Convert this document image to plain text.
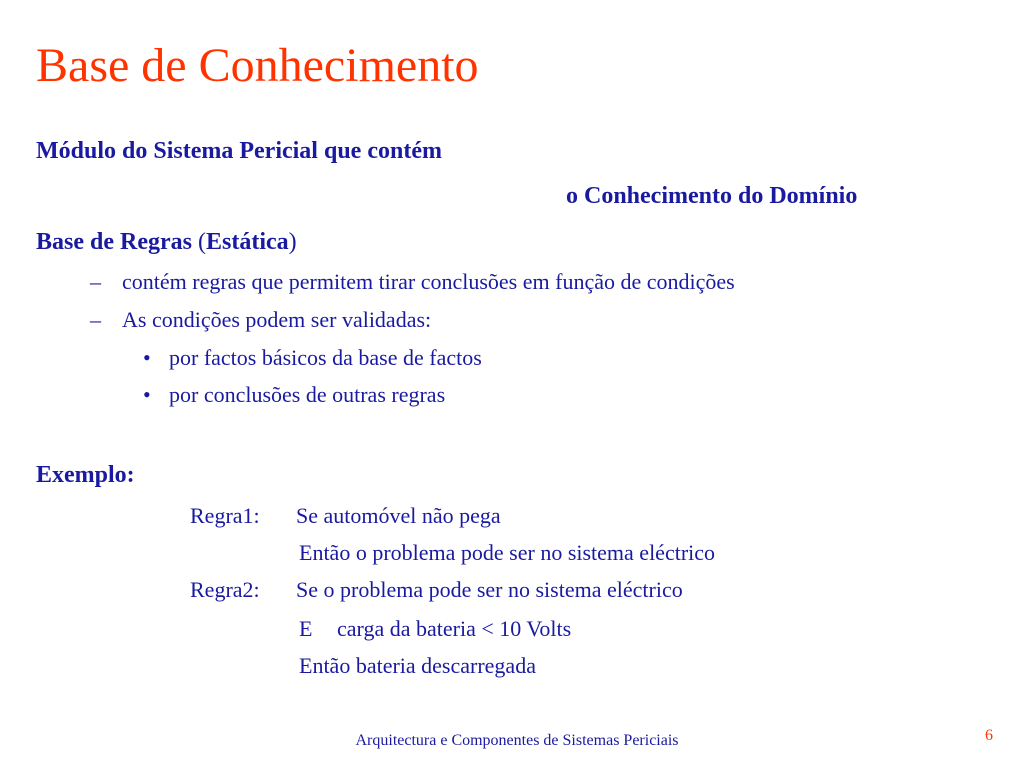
Base de Conhecimento
Módulo do Sistema Pericial que contém
o Conhecimento do Domínio
Base de Regras (Estática)
– contém regras que permitem tirar conclusões em função de condições
– As condições podem ser validadas:
• por factos básicos da base de factos
• por conclusões de outras regras
Exemplo:
Regra1: Se automóvel não pega
Então o problema pode ser no sistema eléctrico
Regra2: Se o problema pode ser no sistema eléctrico
E carga da bateria < 10 Volts
Então bateria descarregada
Arquitectura e Componentes de Sistemas Periciais	6
